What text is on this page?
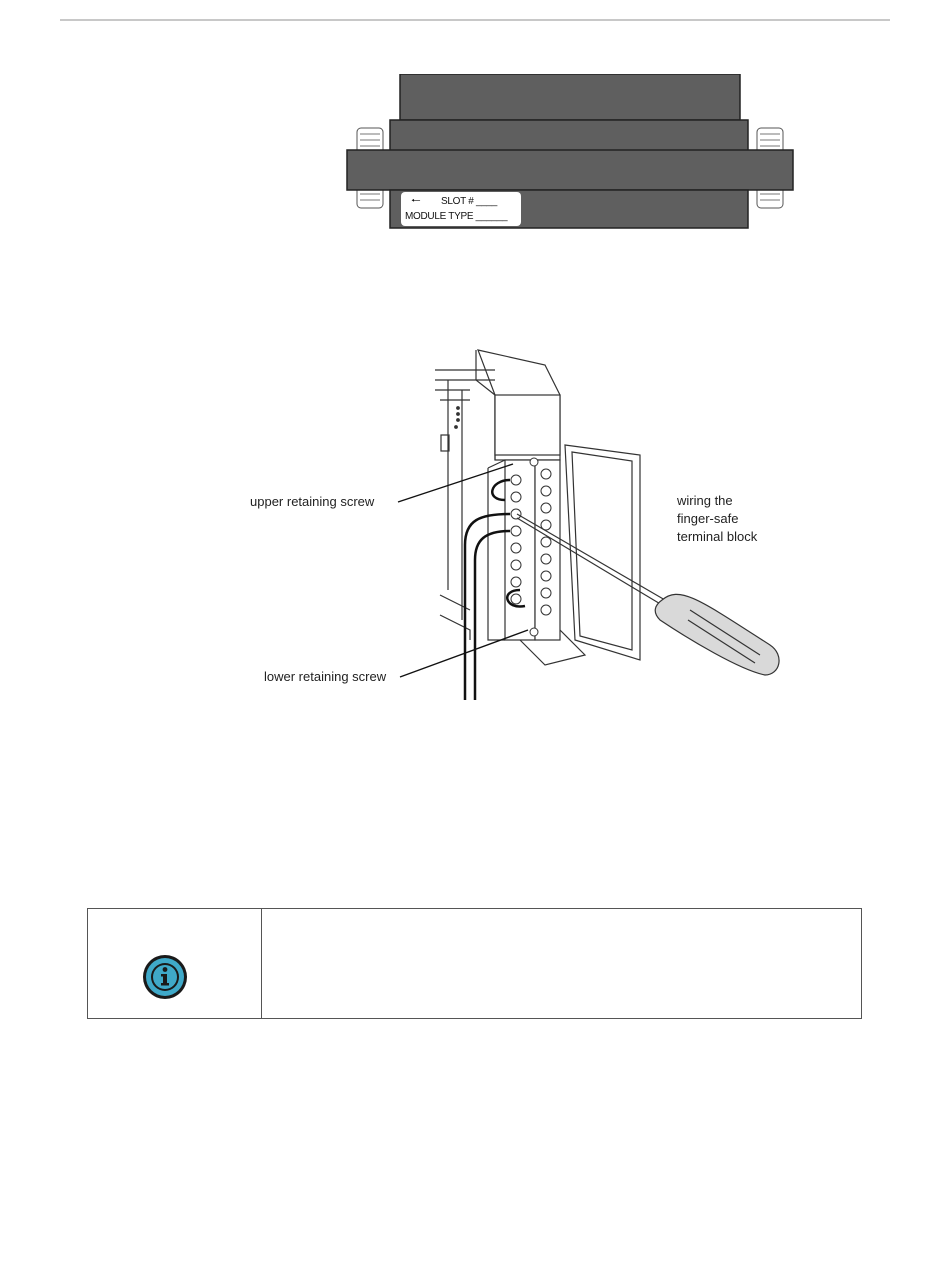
🠐 SLOT # ____
MODULE TYPE ______
upper retaining screw
lower retaining screw
wiring the
finger-safe
terminal block
